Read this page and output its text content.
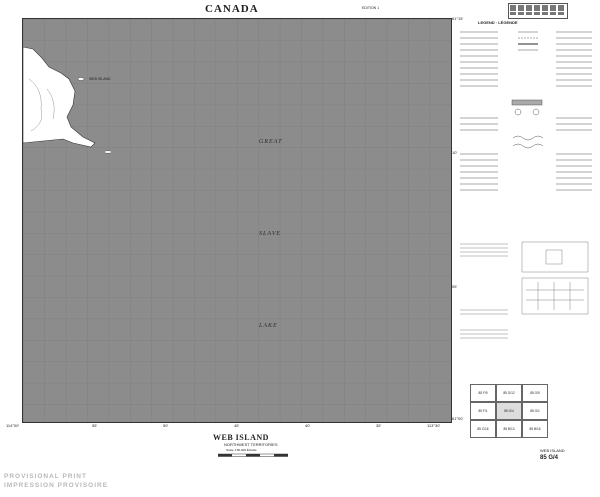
CANADA	EDITION 1
WEB ISLAND
GREAT
SLAVE
LAKE
61°15'
114°00'	113°30'
61°00'
10'
05'
55'	50'	45'	40'	35'
WEB ISLAND
NORTHWEST TERRITORIES
Scale 1:50,000 Échelle
PROVISIONAL PRINT
IMPRESSION PROVISOIRE
LEGEND · LÉGENDE
85 F/9	85 G/12	85 G/9
85 F/1	85 G/4	85 G/1
85 C/16	85 B/13	85 B/16
WEB ISLAND
85 G/4
